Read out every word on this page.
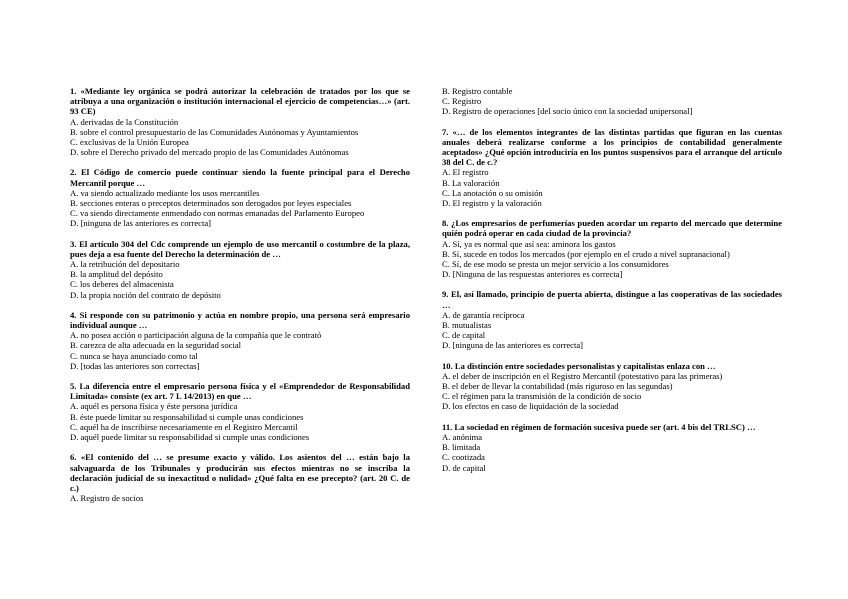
1. «Mediante ley orgánica se podrá autorizar la celebración de tratados por los que se atribuya a una organización o institución internacional el ejercicio de competencias…» (art. 93 CE)
A. derivadas de la Constitución
B. sobre el control presupuestario de las Comunidades Autónomas y Ayuntamientos
C. exclusivas de la Unión Europea
D. sobre el Derecho privado del mercado propio de las Comunidades Autónomas
2. El Código de comercio puede continuar siendo la fuente principal para el Derecho Mercantil porque …
A. va siendo actualizado mediante los usos mercantiles
B. secciones enteras o preceptos determinados son derogados por leyes especiales
C. va siendo directamente enmendado con normas emanadas del Parlamento Europeo
D. [ninguna de las anteriores es correcta]
3. El artículo 304 del Cdc comprende un ejemplo de uso mercantil o costumbre de la plaza, pues deja a esa fuente del Derecho la determinación de …
A. la retribución del depositario
B. la amplitud del depósito
C. los deberes del almacenista
D. la propia noción del contrato de depósito
4. Si responde con su patrimonio y actúa en nombre propio, una persona será empresario individual aunque …
A. no posea acción o participación alguna de la compañía que le contrató
B. carezca de alta adecuada en la seguridad social
C. nunca se haya anunciado como tal
D. [todas las anteriores son correctas]
5. La diferencia entre el empresario persona física y el «Emprendedor de Responsabilidad Limitada» consiste (ex art. 7 L 14/2013) en que …
A. aquél es persona física y éste persona jurídica
B. éste puede limitar su responsabilidad si cumple unas condiciones
C. aquél ha de inscribirse necesariamente en el Registro Mercantil
D. aquél puede limitar su responsabilidad si cumple unas condiciones
6. «El contenido del … se presume exacto y válido. Los asientos del … están bajo la salvaguarda de los Tribunales y producirán sus efectos mientras no se inscriba la declaración judicial de su inexactitud o nulidad» ¿Qué falta en ese precepto? (art. 20 C. de c.)
A. Registro de socios
B. Registro contable
C. Registro
D. Registro de operaciones [del socio único con la sociedad unipersonal]
7. «… de los elementos integrantes de las distintas partidas que figuran en las cuentas anuales deberá realizarse conforme a los principios de contabilidad generalmente aceptados» ¿Qué opción introduciría en los puntos suspensivos para el arranque del artículo 38 del C. de c.?
A. El registro
B. La valoración
C. La anotación o su omisión
D. El registro y la valoración
8. ¿Los empresarios de perfumerías pueden acordar un reparto del mercado que determine quién podrá operar en cada ciudad de la provincia?
A. Sí, ya es normal que así sea: aminora los gastos
B. Sí, sucede en todos los mercados (por ejemplo en el crudo a nivel supranacional)
C. Sí, de ese modo se presta un mejor servicio a los consumidores
D. [Ninguna de las respuestas anteriores es correcta]
9. El, así llamado, principio de puerta abierta, distingue a las cooperativas de las sociedades …
A. de garantía recíproca
B. mutualistas
C. de capital
D. [ninguna de las anteriores es correcta]
10. La distinción entre sociedades personalistas y capitalistas enlaza con …
A. el deber de inscripción en el Registro Mercantil (potestativo para las primeras)
B. el deber de llevar la contabilidad (más riguroso en las segundas)
C. el régimen para la transmisión de la condición de socio
D. los efectos en caso de liquidación de la sociedad
11. La sociedad en régimen de formación sucesiva puede ser (art. 4 bis del TRLSC) …
A. anónima
B. limitada
C. cootizada
D. de capital
